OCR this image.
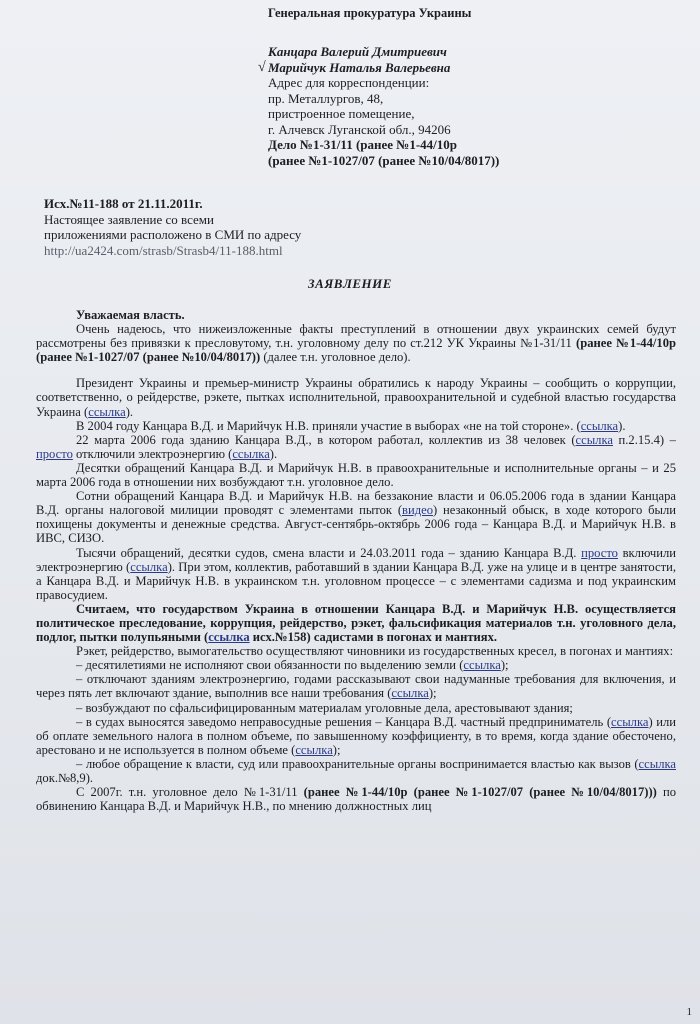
Генеральная прокуратура Украины
√
Канцара Валерий Дмитриевич
Марийчук Наталья Валерьевна
Адрес для корреспонденции:
пр. Металлургов, 48,
пристроенное помещение,
г. Алчевск Луганской обл., 94206
Дело №1-31/11 (ранее №1-44/10р
(ранее №1-1027/07 (ранее №10/04/8017))
Исх.№11-188 от 21.11.2011г.
Настоящее заявление со всеми
приложениями расположено в СМИ по адресу
http://ua2424.com/strasb/Strasb4/11-188.html
ЗАЯВЛЕНИЕ

Уважаемая власть.

Очень надеюсь, что нижеизложенные факты преступлений в отношении двух украинских семей будут рассмотрены без привязки к пресловутому, т.н. уголовному делу по ст.212 УК Украины №1-31/11 (ранее №1-44/10р (ранее №1-1027/07 (ранее №10/04/8017)) (далее т.н. уголовное дело).

Президент Украины и премьер-министр Украины обратились к народу Украины – сообщить о коррупции, соответственно, о рейдерстве, рэкете, пытках исполнительной, правоохранительной и судебной властью государства Украина (ссылка).

В 2004 году Канцара В.Д. и Марийчук Н.В. приняли участие в выборах «не на той стороне». (ссылка).

22 марта 2006 года зданию Канцара В.Д., в котором работал, коллектив из 38 человек (ссылка п.2.15.4) – просто отключили электроэнергию (ссылка).

Десятки обращений Канцара В.Д. и Марийчук Н.В. в правоохранительные и исполнительные органы – и 25 марта 2006 года в отношении них возбуждают т.н. уголовное дело.

Сотни обращений Канцара В.Д. и Марийчук Н.В. на беззаконие власти и 06.05.2006 года в здании Канцара В.Д. органы налоговой милиции проводят с элементами пыток (видео) незаконный обыск, в ходе которого были похищены документы и денежные средства. Август-сентябрь-октябрь 2006 года – Канцара В.Д. и Марийчук Н.В. в ИВС, СИЗО.

Тысячи обращений, десятки судов, смена власти и 24.03.2011 года – зданию Канцара В.Д. просто включили электроэнергию (ссылка). При этом, коллектив, работавший в здании Канцара В.Д. уже на улице и в центре занятости, а Канцара В.Д. и Марийчук Н.В. в украинском т.н. уголовном процессе – с элементами садизма и под украинским правосудием.

Считаем, что государством Украина в отношении Канцара В.Д. и Марийчук Н.В. осуществляется политическое преследование, коррупция, рейдерство, рэкет, фальсификация материалов т.н. уголовного дела, подлог, пытки полупьяными (ссылка исх.№158) садистами в погонах и мантиях.

Рэкет, рейдерство, вымогательство осуществляют чиновники из государственных кресел, в погонах и мантиях:

– десятилетиями не исполняют свои обязанности по выделению земли (ссылка);

– отключают зданиям электроэнергию, годами рассказывают свои надуманные требования для включения, и через пять лет включают здание, выполнив все наши требования (ссылка);

– возбуждают по сфальсифицированным материалам уголовные дела, арестовывают здания;

– в судах выносятся заведомо неправосудные решения – Канцара В.Д. частный предприниматель (ссылка) или об оплате земельного налога в полном объеме, по завышенному коэффициенту, в то время, когда здание обесточено, арестовано и не используется в полном объеме (ссылка);

– любое обращение к власти, суд или правоохранительные органы воспринимается властью как вызов (ссылка док.№8,9).

С 2007г. т.н. уголовное дело №1-31/11 (ранее №1-44/10р (ранее №1-1027/07 (ранее №10/04/8017))) по обвинению Канцара В.Д. и Марийчук Н.В., по мнению должностных лиц

1
